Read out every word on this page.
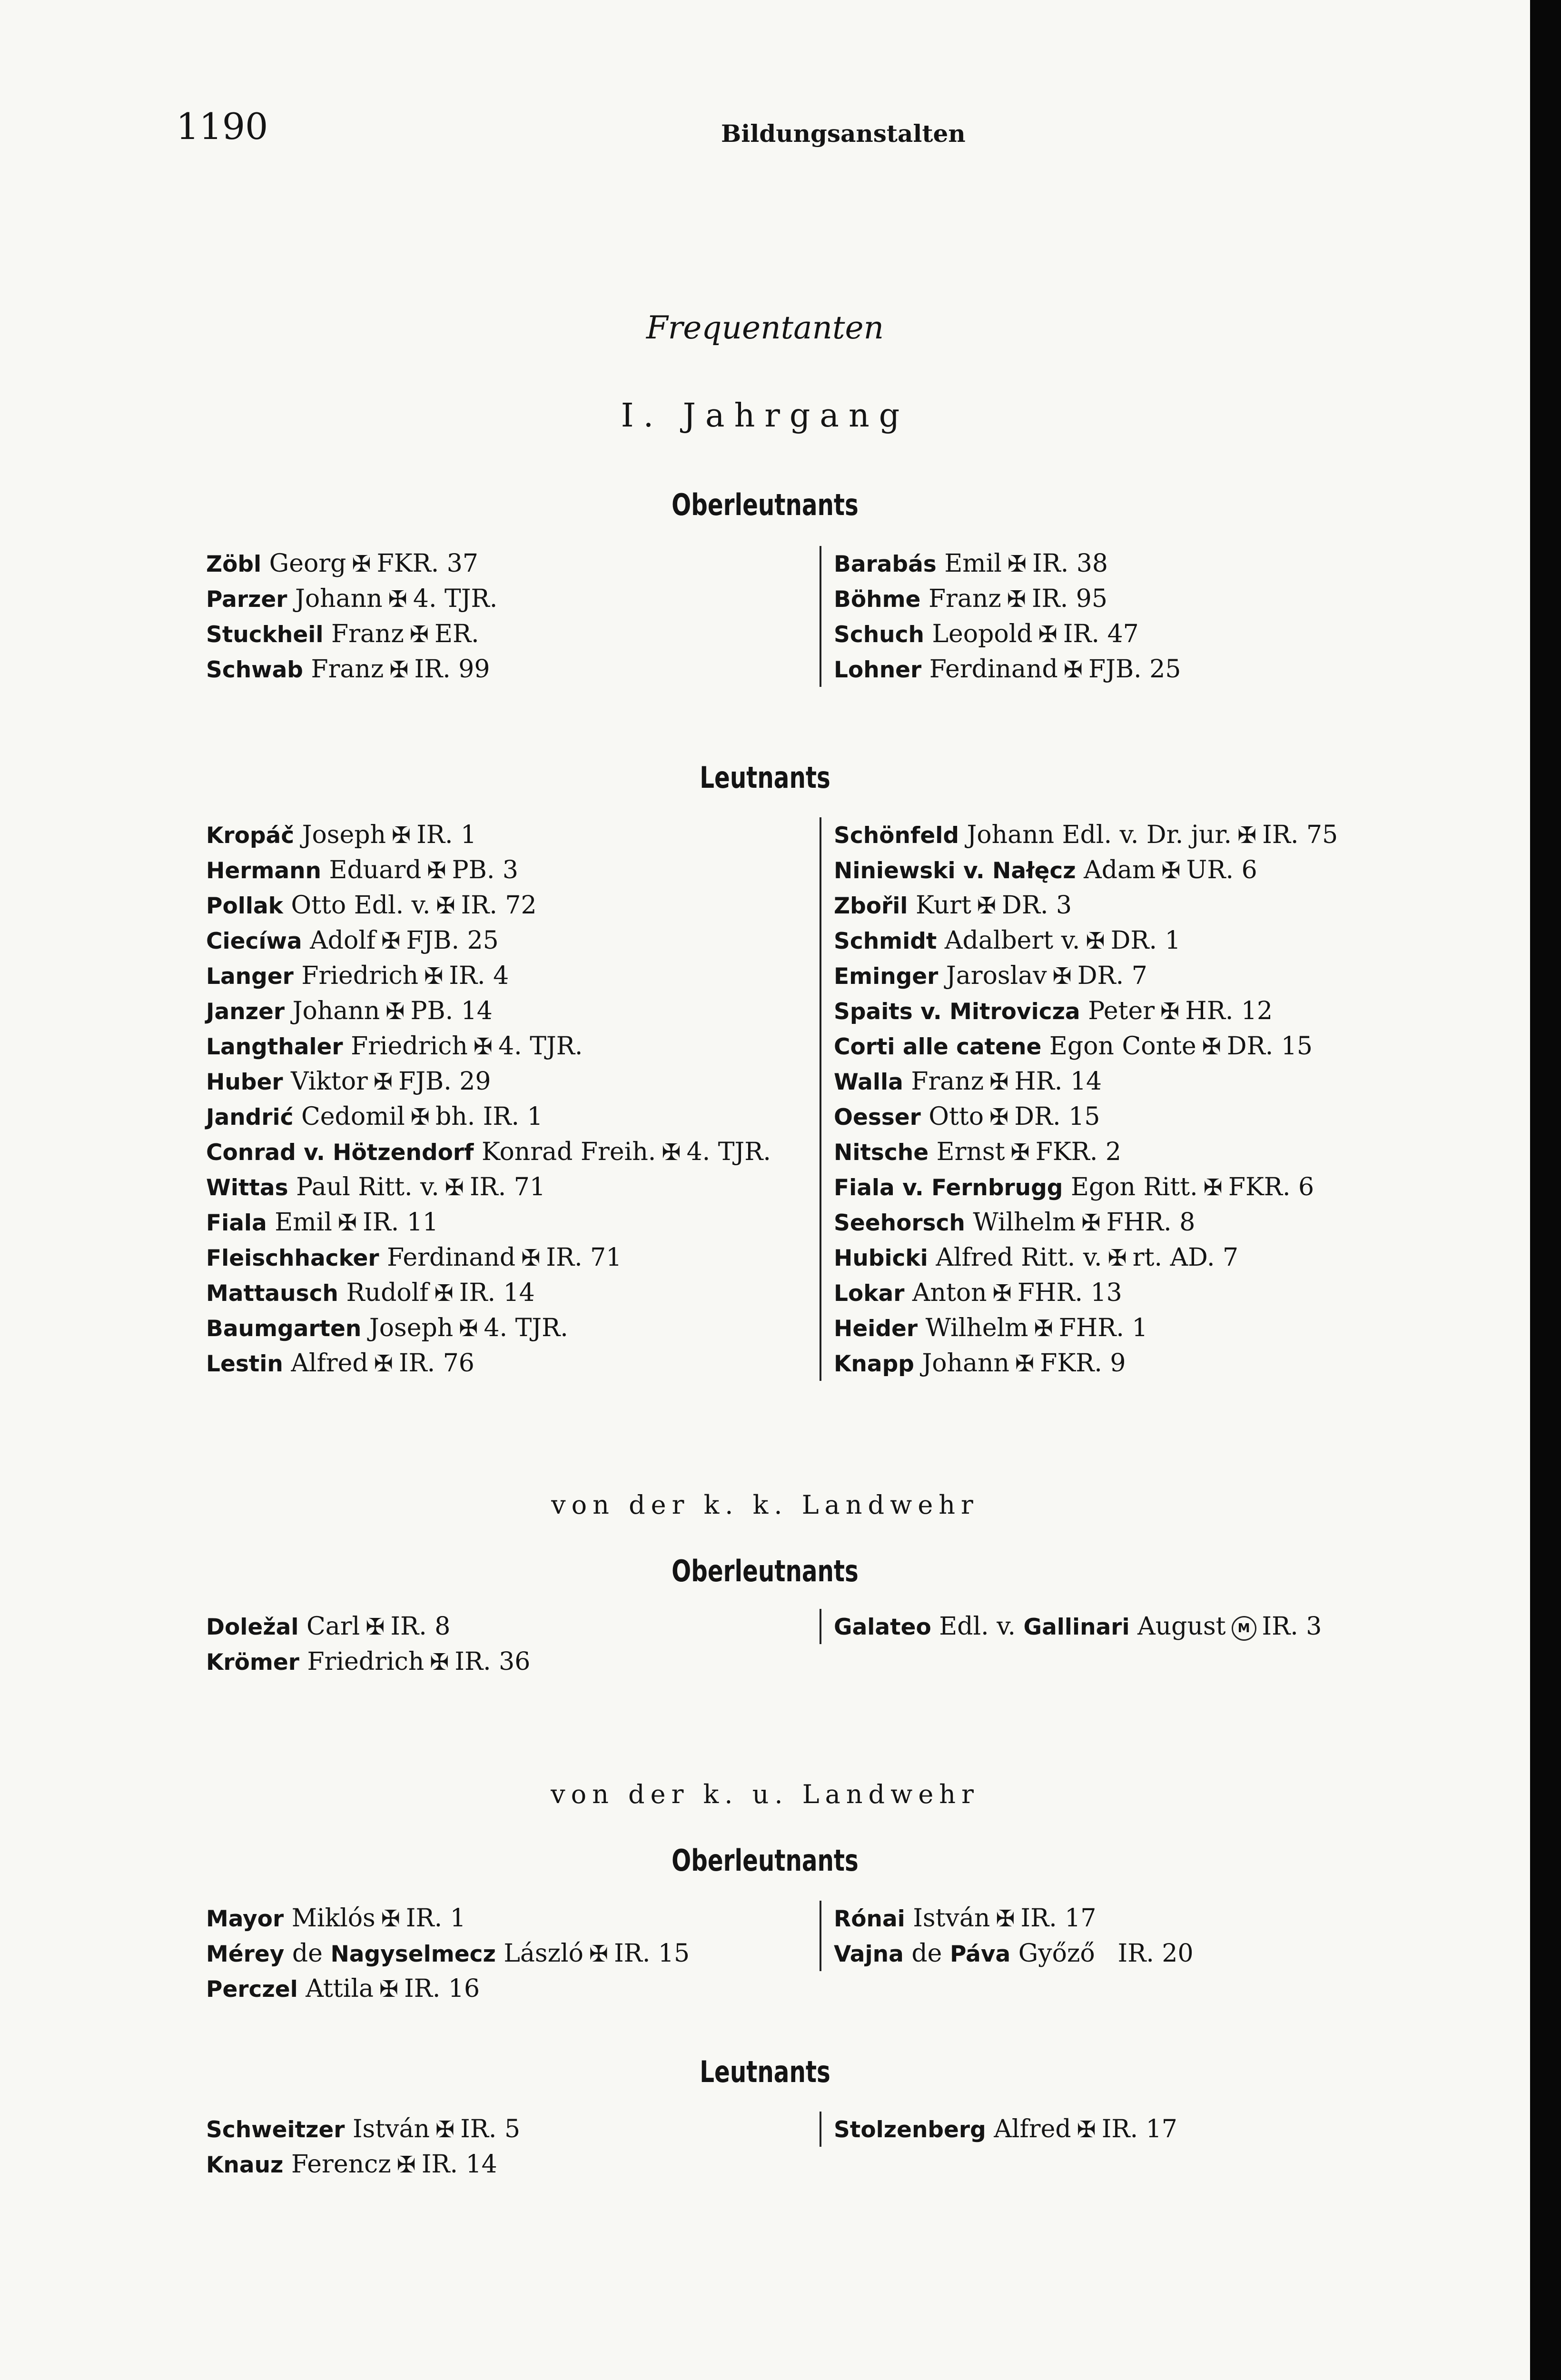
1190	Bildungsanstalten
Frequentanten
I. Jahrgang
Oberleutnants
Zöbl Georg ✠ FKR. 37
Parzer Johann ✠ 4. TJR.
Stuckheil Franz ✠ ER.
Schwab Franz ✠ IR. 99
Barabás Emil ✠ IR. 38
Böhme Franz ✠ IR. 95
Schuch Leopold ✠ IR. 47
Lohner Ferdinand ✠ FJB. 25
Leutnants
Kropáč Joseph ✠ IR. 1
Hermann Eduard ✠ PB. 3
Pollak Otto Edl. v. ✠ IR. 72
Ciecíwa Adolf ✠ FJB. 25
Langer Friedrich ✠ IR. 4
Janzer Johann ✠ PB. 14
Langthaler Friedrich ✠ 4. TJR.
Huber Viktor ✠ FJB. 29
Jandrić Cedomil ✠ bh. IR. 1
Conrad v. Hötzendorf Konrad Freih. ✠ 4. TJR.
Wittas Paul Ritt. v. ✠ IR. 71
Fiala Emil ✠ IR. 11
Fleischhacker Ferdinand ✠ IR. 71
Mattausch Rudolf ✠ IR. 14
Baumgarten Joseph ✠ 4. TJR.
Lestin Alfred ✠ IR. 76
Schönfeld Johann Edl. v. Dr. jur. ✠ IR. 75
Niniewski v. Nałęcz Adam ✠ UR. 6
Zbořil Kurt ✠ DR. 3
Schmidt Adalbert v. ✠ DR. 1
Eminger Jaroslav ✠ DR. 7
Spaits v. Mitrovicza Peter ✠ HR. 12
Corti alle catene Egon Conte ✠ DR. 15
Walla Franz ✠ HR. 14
Oesser Otto ✠ DR. 15
Nitsche Ernst ✠ FKR. 2
Fiala v. Fernbrugg Egon Ritt. ✠ FKR. 6
Seehorsch Wilhelm ✠ FHR. 8
Hubicki Alfred Ritt. v. ✠ rt. AD. 7
Lokar Anton ✠ FHR. 13
Heider Wilhelm ✠ FHR. 1
Knapp Johann ✠ FKR. 9
von der k. k. Landwehr
Oberleutnants
Doležal Carl ✠ IR. 8
Krömer Friedrich ✠ IR. 36
Galateo Edl. v. Gallinari August M IR. 3
von der k. u. Landwehr
Oberleutnants
Mayor Miklós ✠ IR. 1
Mérey de Nagyselmecz László ✠ IR. 15
Perczel Attila ✠ IR. 16
Rónai István ✠ IR. 17
Vajna de Páva Győző IR. 20
Leutnants
Schweitzer István ✠ IR. 5
Knauz Ferencz ✠ IR. 14
Stolzenberg Alfred ✠ IR. 17
